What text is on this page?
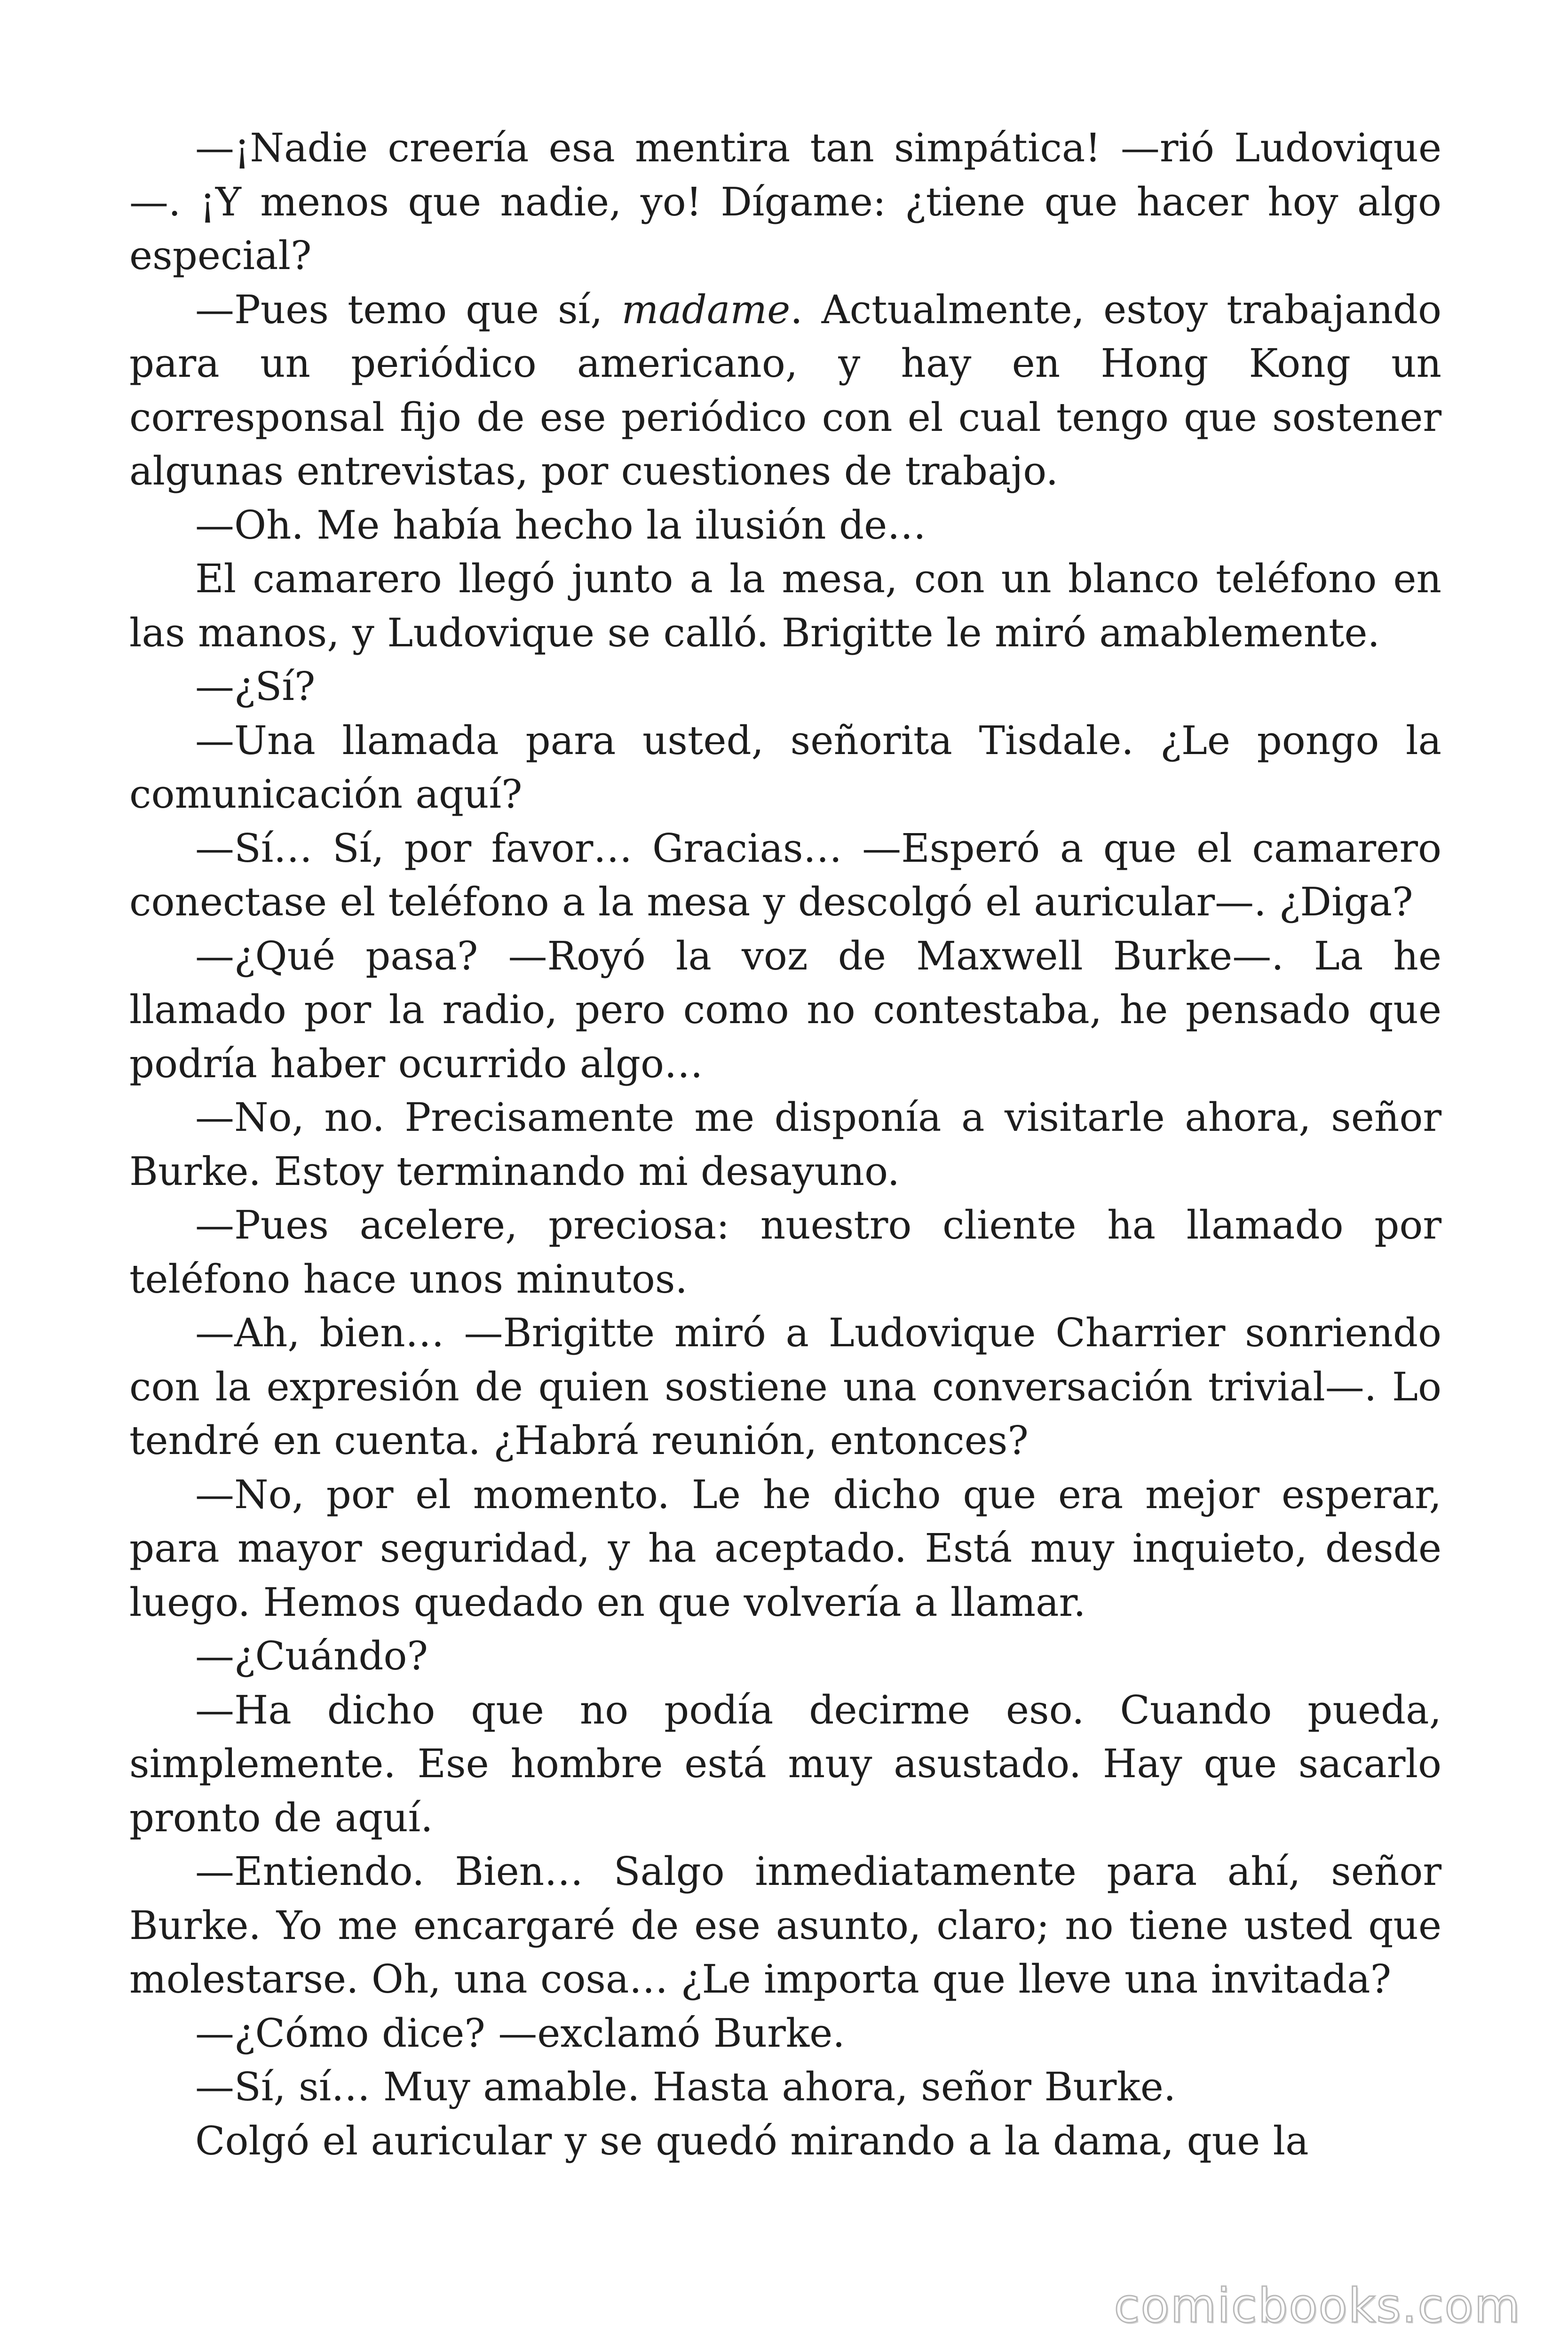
—¡Nadie creería esa mentira tan simpática! —rió Ludovique—. ¡Y menos que nadie, yo! Dígame: ¿tiene que hacer hoy algo especial?

—Pues temo que sí, madame. Actualmente, estoy trabajando para un periódico americano, y hay en Hong Kong un corresponsal fijo de ese periódico con el cual tengo que sostener algunas entrevistas, por cuestiones de trabajo.

—Oh. Me había hecho la ilusión de…

El camarero llegó junto a la mesa, con un blanco teléfono en las manos, y Ludovique se calló. Brigitte le miró amablemente.

—¿Sí?

—Una llamada para usted, señorita Tisdale. ¿Le pongo la comunicación aquí?

—Sí… Sí, por favor… Gracias… —Esperó a que el camarero conectase el teléfono a la mesa y descolgó el auricular—. ¿Diga?

—¿Qué pasa? —Royó la voz de Maxwell Burke—. La he llamado por la radio, pero como no contestaba, he pensado que podría haber ocurrido algo…

—No, no. Precisamente me disponía a visitarle ahora, señor Burke. Estoy terminando mi desayuno.

—Pues acelere, preciosa: nuestro cliente ha llamado por teléfono hace unos minutos.

—Ah, bien… —Brigitte miró a Ludovique Charrier sonriendo con la expresión de quien sostiene una conversación trivial—. Lo tendré en cuenta. ¿Habrá reunión, entonces?

—No, por el momento. Le he dicho que era mejor esperar, para mayor seguridad, y ha aceptado. Está muy inquieto, desde luego. Hemos quedado en que volvería a llamar.

—¿Cuándo?

—Ha dicho que no podía decirme eso. Cuando pueda, simplemente. Ese hombre está muy asustado. Hay que sacarlo pronto de aquí.

—Entiendo. Bien… Salgo inmediatamente para ahí, señor Burke. Yo me encargaré de ese asunto, claro; no tiene usted que molestarse. Oh, una cosa… ¿Le importa que lleve una invitada?

—¿Cómo dice? —exclamó Burke.

—Sí, sí… Muy amable. Hasta ahora, señor Burke.

Colgó el auricular y se quedó mirando a la dama, que la

comicbooks.com
